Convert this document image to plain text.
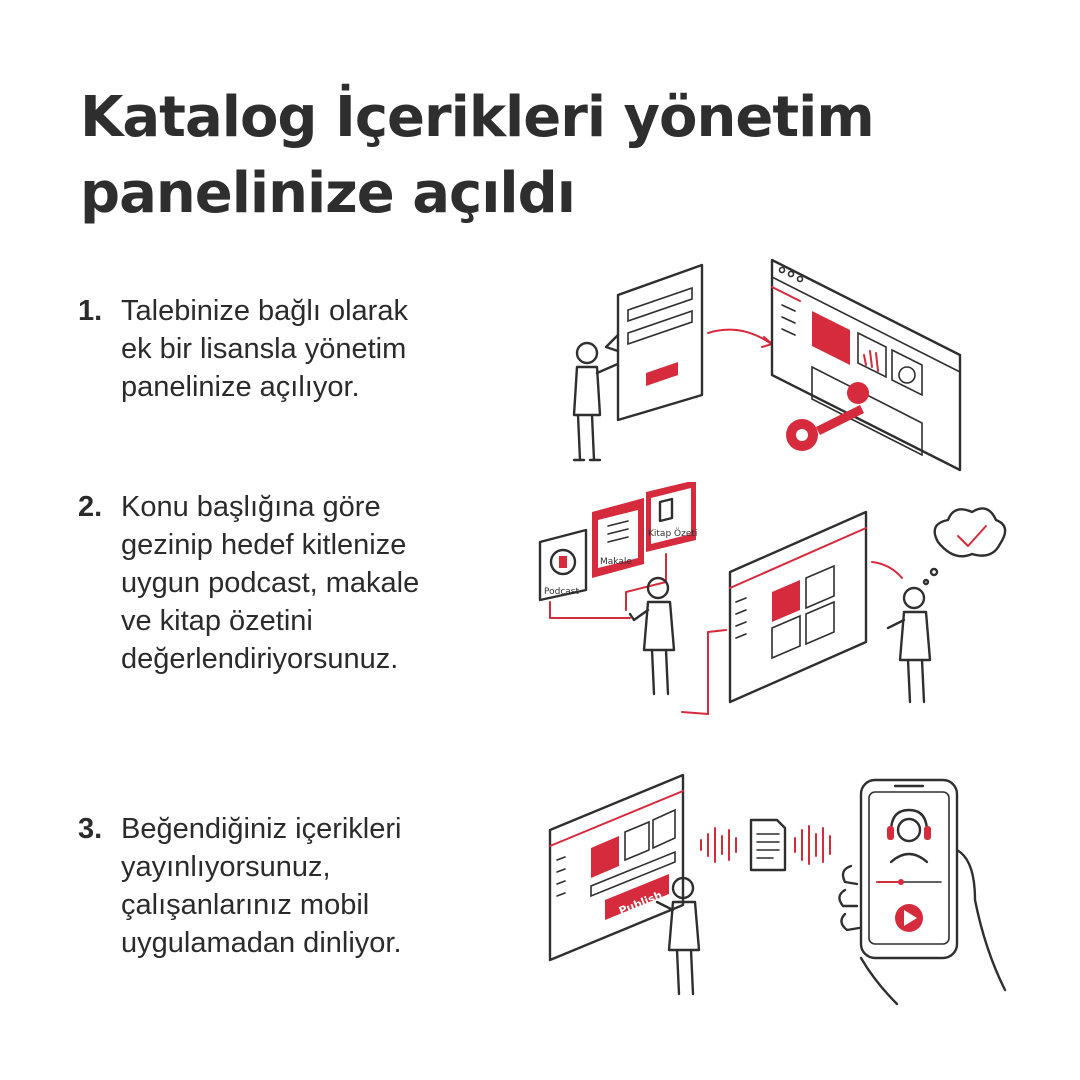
Katalog İçerikleri yönetim
panelinize açıldı
1. Talebinize bağlı olarak
ek bir lisansla yönetim
panelinize açılıyor.
2. Konu başlığına göre
gezinip hedef kitlenize
uygun podcast, makale
ve kitap özetini
değerlendiriyorsunuz.
3. Beğendiğiniz içerikleri
yayınlıyorsunuz,
çalışanlarınız mobil
uygulamadan dinliyor.
Podcast
Makale
Kitap Özeti
Publish
